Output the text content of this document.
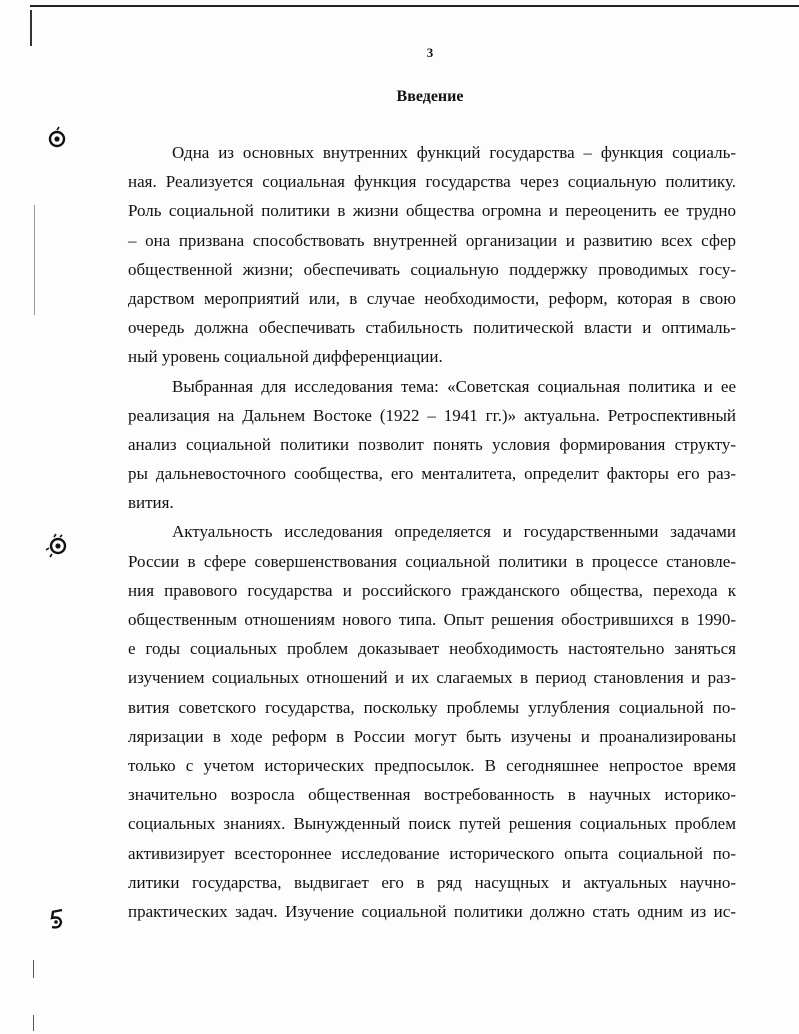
3
Введение
Одна из основных внутренних функций государства – функция социаль-
ная. Реализуется социальная функция государства через социальную политику.
Роль социальной политики в жизни общества огромна и переоценить ее трудно
– она призвана способствовать внутренней организации и развитию всех сфер
общественной жизни; обеспечивать социальную поддержку проводимых госу-
дарством мероприятий или, в случае необходимости, реформ, которая в свою
очередь должна обеспечивать стабильность политической власти и оптималь-
ный уровень социальной дифференциации.
Выбранная для исследования тема: «Советская социальная политика и ее
реализация на Дальнем Востоке (1922 – 1941 гг.)» актуальна. Ретроспективный
анализ социальной политики позволит понять условия формирования структу-
ры дальневосточного сообщества, его менталитета, определит факторы его раз-
вития.
Актуальность исследования определяется и государственными задачами
России в сфере совершенствования социальной политики в процессе становле-
ния правового государства и российского гражданского общества, перехода к
общественным отношениям нового типа. Опыт решения обострившихся в 1990-
е годы социальных проблем доказывает необходимость настоятельно заняться
изучением социальных отношений и их слагаемых в период становления и раз-
вития советского государства, поскольку проблемы углубления социальной по-
ляризации в ходе реформ в России могут быть изучены и проанализированы
только с учетом исторических предпосылок. В сегодняшнее непростое время
значительно возросла общественная востребованность в научных историко-
социальных знаниях. Вынужденный поиск путей решения социальных проблем
активизирует всестороннее исследование исторического опыта социальной по-
литики государства, выдвигает его в ряд насущных и актуальных научно-
практических задач. Изучение социальной политики должно стать одним из ис-
